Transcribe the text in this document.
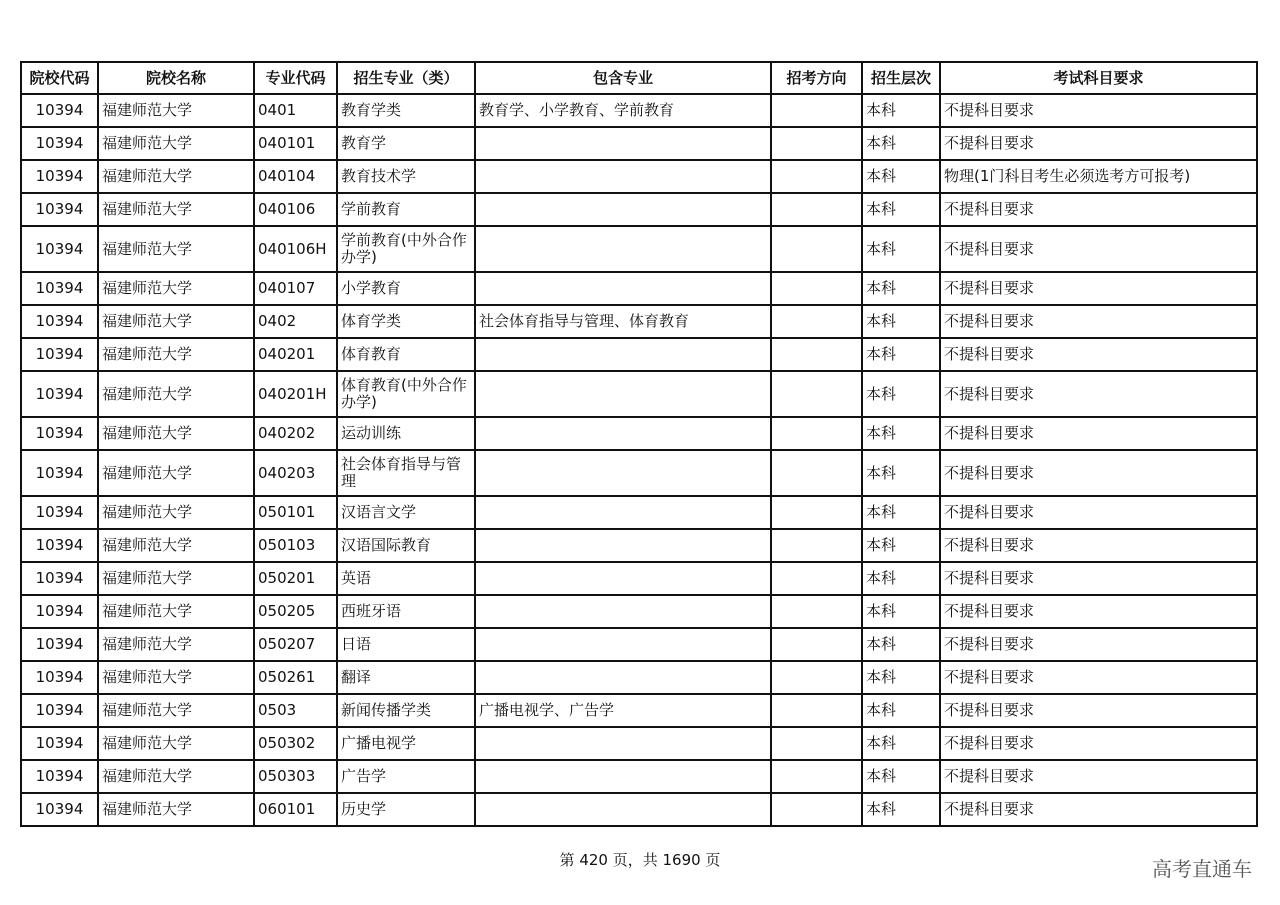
院校代码	院校名称	专业代码	招生专业（类）	包含专业	招考方向	招生层次	考试科目要求
10394	福建师范大学	0401	教育学类	教育学、小学教育、学前教育		本科	不提科目要求
10394	福建师范大学	040101	教育学			本科	不提科目要求
10394	福建师范大学	040104	教育技术学			本科	物理(1门科目考生必须选考方可报考)
10394	福建师范大学	040106	学前教育			本科	不提科目要求
10394	福建师范大学	040106H	学前教育(中外合作办学)			本科	不提科目要求
10394	福建师范大学	040107	小学教育			本科	不提科目要求
10394	福建师范大学	0402	体育学类	社会体育指导与管理、体育教育		本科	不提科目要求
10394	福建师范大学	040201	体育教育			本科	不提科目要求
10394	福建师范大学	040201H	体育教育(中外合作办学)			本科	不提科目要求
10394	福建师范大学	040202	运动训练			本科	不提科目要求
10394	福建师范大学	040203	社会体育指导与管理			本科	不提科目要求
10394	福建师范大学	050101	汉语言文学			本科	不提科目要求
10394	福建师范大学	050103	汉语国际教育			本科	不提科目要求
10394	福建师范大学	050201	英语			本科	不提科目要求
10394	福建师范大学	050205	西班牙语			本科	不提科目要求
10394	福建师范大学	050207	日语			本科	不提科目要求
10394	福建师范大学	050261	翻译			本科	不提科目要求
10394	福建师范大学	0503	新闻传播学类	广播电视学、广告学		本科	不提科目要求
10394	福建师范大学	050302	广播电视学			本科	不提科目要求
10394	福建师范大学	050303	广告学			本科	不提科目要求
10394	福建师范大学	060101	历史学			本科	不提科目要求
第 420 页，共 1690 页	高考直通车
